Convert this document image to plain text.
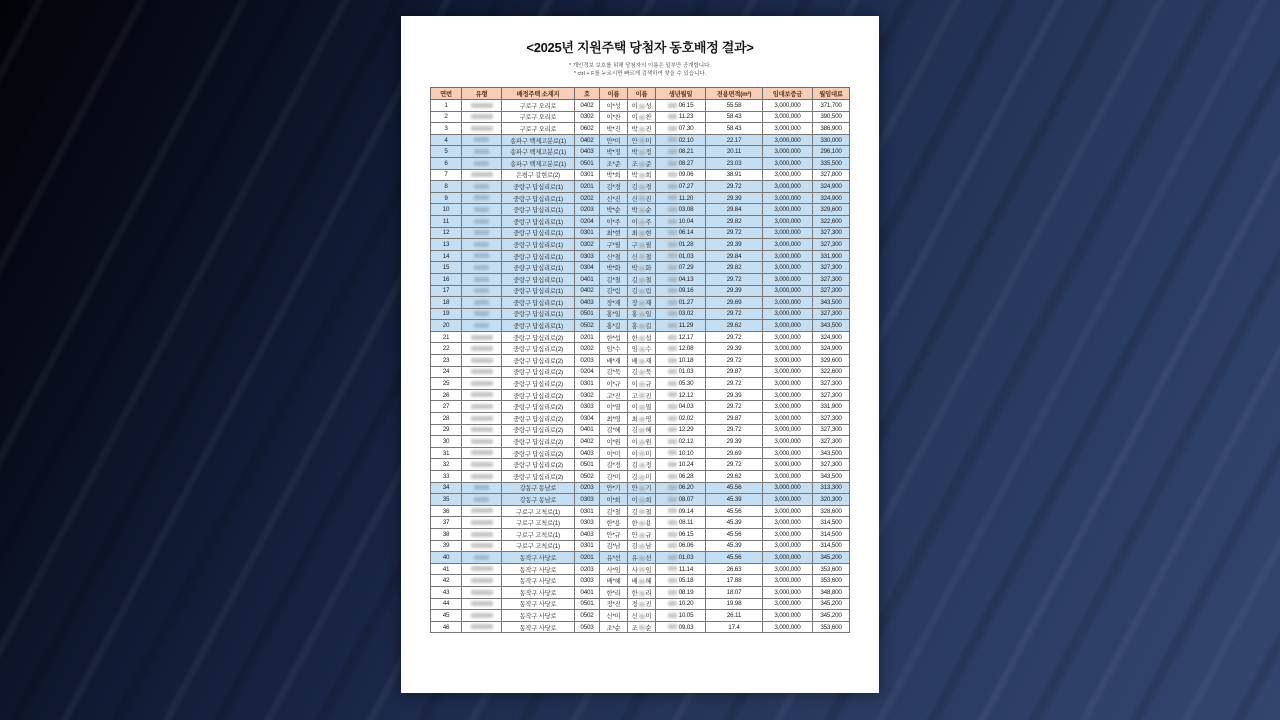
<2025년 지원주택 당첨자 동호배정 결과>
* 개인정보 보호를 위해 당첨자의 이름은 일부만 공개합니다.
* ctrl + F를 누르시면 빠르게 검색하여 찾을 수 있습니다.
연번	유형	배정주택 소재지	호	이름	이름	생년월일	전용면적(m²)	임대보증금	월임대료
1		구로구 오리로	0402	이*성	이 성	06.15	55.58	3,000,000	371,700
2		구로구 오리로	0302	이*찬	이 찬	11.23	58.43	3,000,000	390,500
3		구로구 오리로	0602	박*진	박 진	07.30	58.43	3,000,000	386,900
4		송파구 백제고분로(1)	0402	안*미	안 미	02.10	22.17	3,000,000	330,000
5		송파구 백제고분로(1)	0403	박*정	박 정	08.21	20.11	3,000,000	296,100
6		송파구 백제고분로(1)	0501	조*준	조 준	08.27	23.03	3,000,000	335,500
7		은평구 갈현로(2)	0301	박*희	박 희	09.06	38.91	3,000,000	327,800
8		중랑구 답십리로(1)	0201	김*경	김 경	07.27	29.72	3,000,000	324,900
9		중랑구 답십리로(1)	0202	신*진	신 진	11.20	29.39	3,000,000	324,900
10		중랑구 답십리로(1)	0203	박*순	박 순	03.08	29.84	3,000,000	329,600
11		중랑구 답십리로(1)	0204	이*주	이 주	10.04	29.82	3,000,000	322,600
12		중랑구 답십리로(1)	0301	최*현	최 현	06.14	29.72	3,000,000	327,300
13		중랑구 답십리로(1)	0302	구*필	구 필	01.28	29.39	3,000,000	327,300
14		중랑구 답십리로(1)	0303	신*철	신 철	01.03	29.84	3,000,000	331,900
15		중랑구 답십리로(1)	0304	박*화	박 화	07.29	29.82	3,000,000	327,300
16		중랑구 답십리로(1)	0401	김*철	김 철	04.13	29.72	3,000,000	327,300
17		중랑구 답십리로(1)	0402	김*림	김 림	09.16	29.39	3,000,000	327,300
18		중랑구 답십리로(1)	0403	장*재	장 재	01.27	29.69	3,000,000	343,500
19		중랑구 답십리로(1)	0501	홍*일	홍 일	03.02	29.72	3,000,000	327,300
20		중랑구 답십리로(1)	0502	홍*길	홍 길	11.29	29.62	3,000,000	343,500
21		중랑구 답십리로(2)	0201	한*섭	한 섭	12.17	29.72	3,000,000	324,900
22		중랑구 답십리로(2)	0202	임*수	임 수	12.08	29.39	3,000,000	324,900
23		중랑구 답십리로(2)	0203	배*재	배 재	10.18	29.72	3,000,000	329,600
24		중랑구 답십리로(2)	0204	김*묵	김 묵	01.03	29.87	3,000,000	322,600
25		중랑구 답십리로(2)	0301	이*규	이 규	05.30	29.72	3,000,000	327,300
26		중랑구 답십리로(2)	0302	고*진	고 진	12.12	29.39	3,000,000	327,300
27		중랑구 답십리로(2)	0303	이*열	이 열	04.03	29.72	3,000,000	331,900
28		중랑구 답십리로(2)	0304	최*영	최 영	02.02	29.87	3,000,000	327,300
29		중랑구 답십리로(2)	0401	김*혜	김 혜	12.29	29.72	3,000,000	327,300
30		중랑구 답십리로(2)	0402	이*원	이 원	02.12	29.39	3,000,000	327,300
31		중랑구 답십리로(2)	0403	이*미	이 미	10.10	29.69	3,000,000	343,500
32		중랑구 답십리로(2)	0501	김*정	김 정	10.24	29.72	3,000,000	327,300
33		중랑구 답십리로(2)	0502	김*미	김 미	06.28	29.62	3,000,000	343,500
34		강동구 동남로	0203	안*기	안 기	06.20	45.56	3,000,000	313,300
35		강동구 동남로	0303	이*희	이 희	08.07	45.39	3,000,000	320,300
36		구로구 고척로(1)	0301	김*철	김 철	09.14	45.56	3,000,000	328,600
37		구로구 고척로(1)	0303	한*용	한 용	08.11	45.39	3,000,000	314,500
38		구로구 고척로(1)	0403	안*규	안 규	06.15	45.56	3,000,000	314,500
39		구로구 고척로(1)	0301	김*남	김 남	06.06	45.39	3,000,000	314,500
40		동작구 사당로	0201	유*선	유 선	01.03	45.56	3,000,000	345,200
41		동작구 사당로	0203	사*임	사 임	11.14	26.63	3,000,000	353,600
42		동작구 사당로	0303	배*혜	배 혜	05.18	17.88	3,000,000	353,600
43		동작구 사당로	0401	한*리	한 리	08.19	18.07	3,000,000	348,800
44		동작구 사당로	0501	정*진	정 진	10.20	19.98	3,000,000	345,200
45		동작구 사당로	0502	신*미	신 미	10.05	26.11	3,000,000	345,200
46		동작구 사당로	0503	조*순	조 순	09.03	17.4	3,000,000	353,600
